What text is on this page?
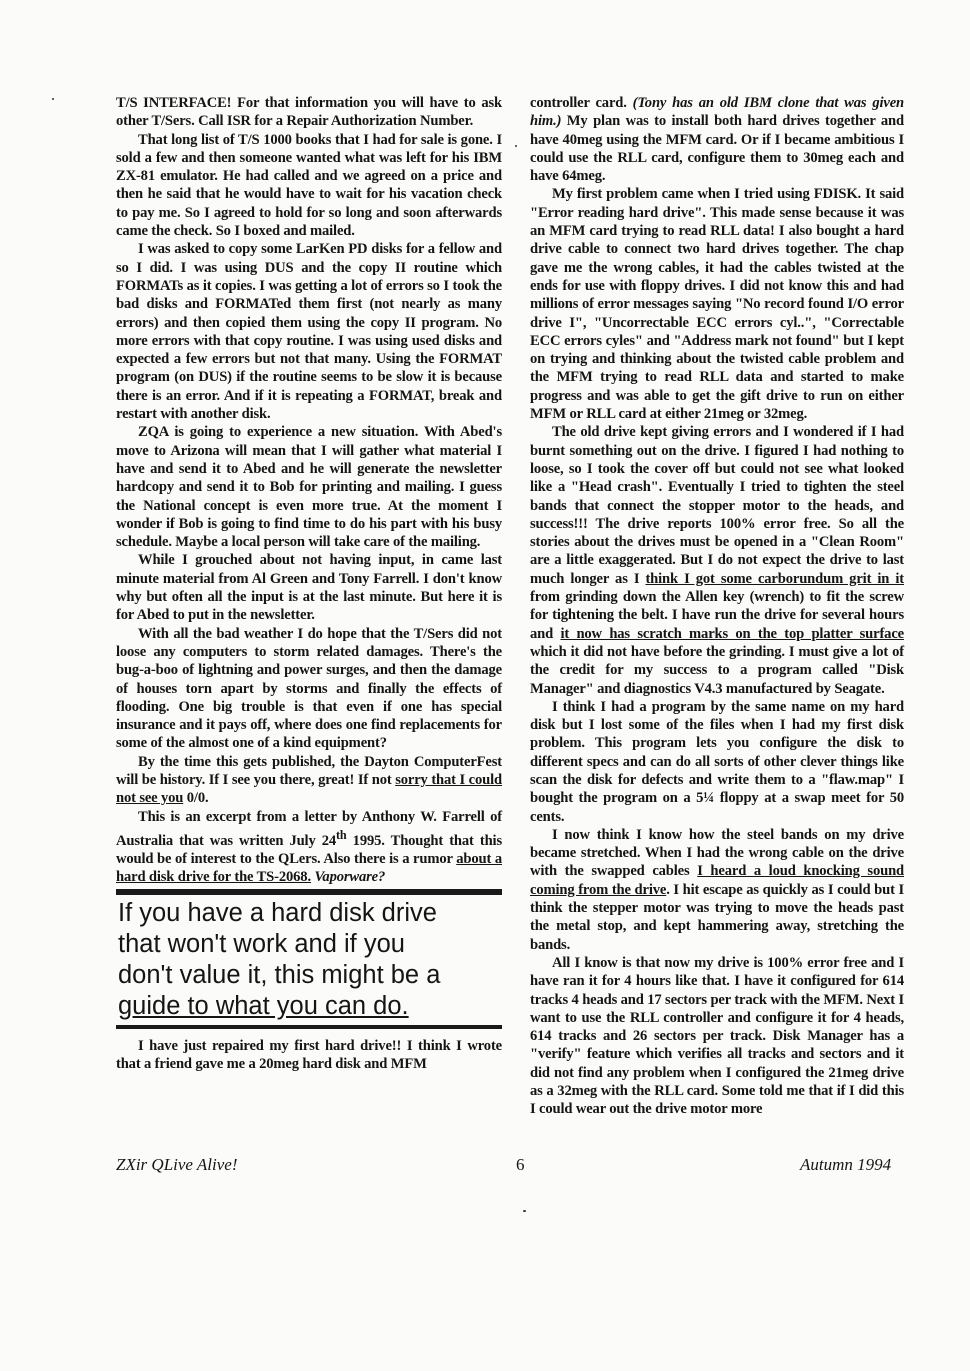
T/S INTERFACE! For that information you will have to ask other T/Sers. Call ISR for a Repair Authorization Number.

That long list of T/S 1000 books that I had for sale is gone. I sold a few and then someone wanted what was left for his IBM ZX-81 emulator. He had called and we agreed on a price and then he said that he would have to wait for his vacation check to pay me. So I agreed to hold for so long and soon afterwards came the check. So I boxed and mailed.

I was asked to copy some LarKen PD disks for a fellow and so I did. I was using DUS and the copy II routine which FORMATs as it copies. I was getting a lot of errors so I took the bad disks and FORMATed them first (not nearly as many errors) and then copied them using the copy II program. No more errors with that copy routine. I was using used disks and expected a few errors but not that many. Using the FORMAT program (on DUS) if the routine seems to be slow it is because there is an error. And if it is repeating a FORMAT, break and restart with another disk.

ZQA is going to experience a new situation. With Abed's move to Arizona will mean that I will gather what material I have and send it to Abed and he will generate the newsletter hardcopy and send it to Bob for printing and mailing. I guess the National concept is even more true. At the moment I wonder if Bob is going to find time to do his part with his busy schedule. Maybe a local person will take care of the mailing.

While I grouched about not having input, in came last minute material from Al Green and Tony Farrell. I don't know why but often all the input is at the last minute. But here it is for Abed to put in the newsletter.

With all the bad weather I do hope that the T/Sers did not loose any computers to storm related damages. There's the bug-a-boo of lightning and power surges, and then the damage of houses torn apart by storms and finally the effects of flooding. One big trouble is that even if one has special insurance and it pays off, where does one find replacements for some of the almost one of a kind equipment?

By the time this gets published, the Dayton ComputerFest will be history. If I see you there, great! If not sorry that I could not see you 0/0.

This is an excerpt from a letter by Anthony W. Farrell of Australia that was written July 24th 1995. Thought that this would be of interest to the QLers. Also there is a rumor about a hard disk drive for the TS-2068. Vaporware?

If you have a hard disk drive
that won't work and if you
don't value it, this might be a
guide to what you can do.

I have just repaired my first hard drive!! I think I wrote that a friend gave me a 20meg hard disk and MFM

controller card. (Tony has an old IBM clone that was given him.) My plan was to install both hard drives together and have 40meg using the MFM card. Or if I became ambitious I could use the RLL card, configure them to 30meg each and have 64meg.

My first problem came when I tried using FDISK. It said "Error reading hard drive". This made sense because it was an MFM card trying to read RLL data! I also bought a hard drive cable to connect two hard drives together. The chap gave me the wrong cables, it had the cables twisted at the ends for use with floppy drives. I did not know this and had millions of error messages saying "No record found I/O error drive I", "Uncorrectable ECC errors cyl..", "Correctable ECC errors cyles" and "Address mark not found" but I kept on trying and thinking about the twisted cable problem and the MFM trying to read RLL data and started to make progress and was able to get the gift drive to run on either MFM or RLL card at either 21meg or 32meg.

The old drive kept giving errors and I wondered if I had burnt something out on the drive. I figured I had nothing to loose, so I took the cover off but could not see what looked like a "Head crash". Eventually I tried to tighten the steel bands that connect the stopper motor to the heads, and success!!! The drive reports 100% error free. So all the stories about the drives must be opened in a "Clean Room" are a little exaggerated. But I do not expect the drive to last much longer as I think I got some carborundum grit in it from grinding down the Allen key (wrench) to fit the screw for tightening the belt. I have run the drive for several hours and it now has scratch marks on the top platter surface which it did not have before the grinding. I must give a lot of the credit for my success to a program called "Disk Manager" and diagnostics V4.3 manufactured by Seagate.

I think I had a program by the same name on my hard disk but I lost some of the files when I had my first disk problem. This program lets you configure the disk to different specs and can do all sorts of other clever things like scan the disk for defects and write them to a "flaw.map" I bought the program on a 5¼ floppy at a swap meet for 50 cents.

I now think I know how the steel bands on my drive became stretched. When I had the wrong cable on the drive with the swapped cables I heard a loud knocking sound coming from the drive. I hit escape as quickly as I could but I think the stepper motor was trying to move the heads past the metal stop, and kept hammering away, stretching the bands.

All I know is that now my drive is 100% error free and I have ran it for 4 hours like that. I have it configured for 614 tracks 4 heads and 17 sectors per track with the MFM. Next I want to use the RLL controller and configure it for 4 heads, 614 tracks and 26 sectors per track. Disk Manager has a "verify" feature which verifies all tracks and sectors and it did not find any problem when I configured the 21meg drive as a 32meg with the RLL card. Some told me that if I did this I could wear out the drive motor more

ZXir QLive Alive!	6	Autumn 1994
